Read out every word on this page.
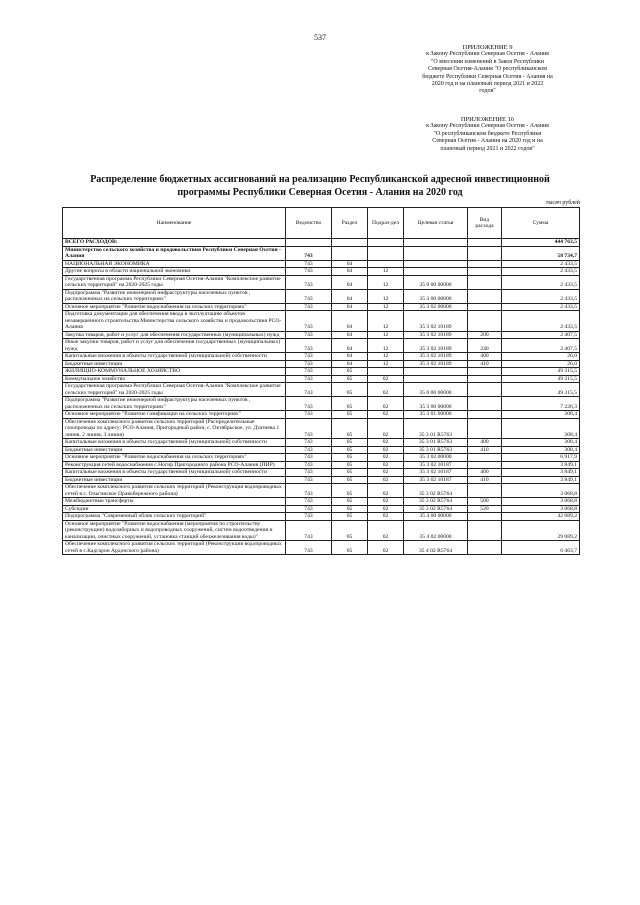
537
ПРИЛОЖЕНИЕ 9
к Закону Республики Северная Осетия - Алания
"О внесении изменений в Закон Республики
Северная Осетия-Алания "О республиканском
бюджете Республики Северная Осетия - Алания на
2020 год и на плановый период 2021 и 2022
годов"
ПРИЛОЖЕНИЕ 16
к Закону Республики Северная Осетия - Алания
"О республиканском бюджете Республики
Северная Осетия - Алания на 2020 год и на
плановый период 2021 и 2022 годов"
Распределение бюджетных ассигнований на реализацию Республиканской адресной инвестиционной
программы Республики Северная Осетия - Алания на 2020 год
тысяч рублей
Наименование	Ведомство	Раздел	Подраз-дел	Целевая статья	Вид расхода	Сумма
ВСЕГО РАСХОДОВ:						444 763,5
Министерство сельского хозяйства и продовольствия Республики Северная Осетия - Алания	743					58 734,7
НАЦИОНАЛЬНАЯ ЭКОНОМИКА	743	04				2 433,5
Другие вопросы в области национальной экономики	743	04	12			2 433,5
Государственная программа Республики Северная Осетия-Алания "Комплексное развитие сельских территорий" на 2020-2025 годы	743	04	12	35 0 00 00000		2 433,5
Подпрограмма "Развитие инженерной инфраструктуры населенных пунктов , расположенных на сельских территориях"	743	04	12	35 3 00 00000		2 433,5
Основное мероприятие "Развитие водоснабжения на сельских территориях"	743	04	12	35 3 02 00000		2 433,5
Подготовка документации для обеспечения ввода в эксплуатацию объектов незавершенного строительства Министерства сельского хозяйства и продовольствия РСО-Алания	743	04	12	35 3 02 10189		2 433,5
Закупка товаров, работ и услуг для обеспечения государственных (муниципальных) нужд	743	04	12	35 3 02 10189	200	2 407,5
Иные закупки товаров, работ и услуг для обеспечения государственных (муниципальных) нужд	743	04	12	35 3 02 10189	240	2 407,5
Капитальные вложения в объекты государственной (муниципальной) собственности	743	04	12	35 3 02 10189	400	26,0
Бюджетные инвестиции	743	04	12	35 3 02 10189	410	26,0
ЖИЛИЩНО-КОММУНАЛЬНОЕ ХОЗЯЙСТВО	743	05				49 315,5
Коммунальное хозяйство	743	05	02			49 315,5
Государственная программа Республики Северная Осетия-Алания "Комплексное развитие сельских территорий" на 2020-2025 годы	743	05	02	35 0 00 00000		49 315,5
Подпрограмма "Развитие инженерной инфраструктуры населенных пунктов , расположенных на сельских территориях"	743	05	02	35 3 00 00000		7 226,3
Основное мероприятие "Развитие газификации на сельских территориях"	743	05	02	35 3 01 00000		308,4
Обеспечение комплексного развития сельских территорий (Распределительные газопроводы по адресу: РСО-Алания, Пригородный район, с. Октябрьское, ул. Дзатиева 1 линия, 2 линия, 3 линия)	743	05	02	35 3 01 R5763		308,4
Капитальные вложения в объекты государственной (муниципальной) собственности	743	05	02	35 3 01 R5763	400	308,4
Бюджетные инвестиции	743	05	02	35 3 01 R5763	410	308,4
Основное мероприятие "Развитие водоснабжения на сельских территориях"	743	05	02	35 3 02 00000		6 917,9
Реконструкция сетей водоснабжения с.Ногир Пригородного района РСО-Алания (ПИР)	743	05	02	35 3 02 10187		3 849,1
Капитальные вложения в объекты государственной (муниципальной) собственности	743	05	02	35 3 02 10187	400	3 849,1
Бюджетные инвестиции	743	05	02	35 3 02 10187	410	3 849,1
Обеспечение комплексного развития сельских территорий (Реконструкция водопроводных сетей в с. Ольгинское Правобережного района)	743	05	02	35 3 02 R5764		3 068,8
Межбюджетные трансферты	743	05	02	35 3 02 R5764	500	3 068,8
Субсидии	743	05	02	35 3 02 R5764	520	3 068,8
Подпрограмма "Современный облик сельских территорий"	743	05	02	35 4 00 00000		42 089,2
Основное мероприятие "Развитие водоснабжения (мероприятия по строительству (реконструкции) водозаборных и водопроводных сооружений, систем водоотведения и канализации, очистных сооружений, установка станций обезжелезивания воды)"	743	05	02	35 4 02 00000		29 089,2
Обеспечение комплексного развития сельских территорий (Реконструкция водопроводных сетей в с.Кадгарон Ардонского района)	743	05	02	35 4 02 R5764		6 463,7
